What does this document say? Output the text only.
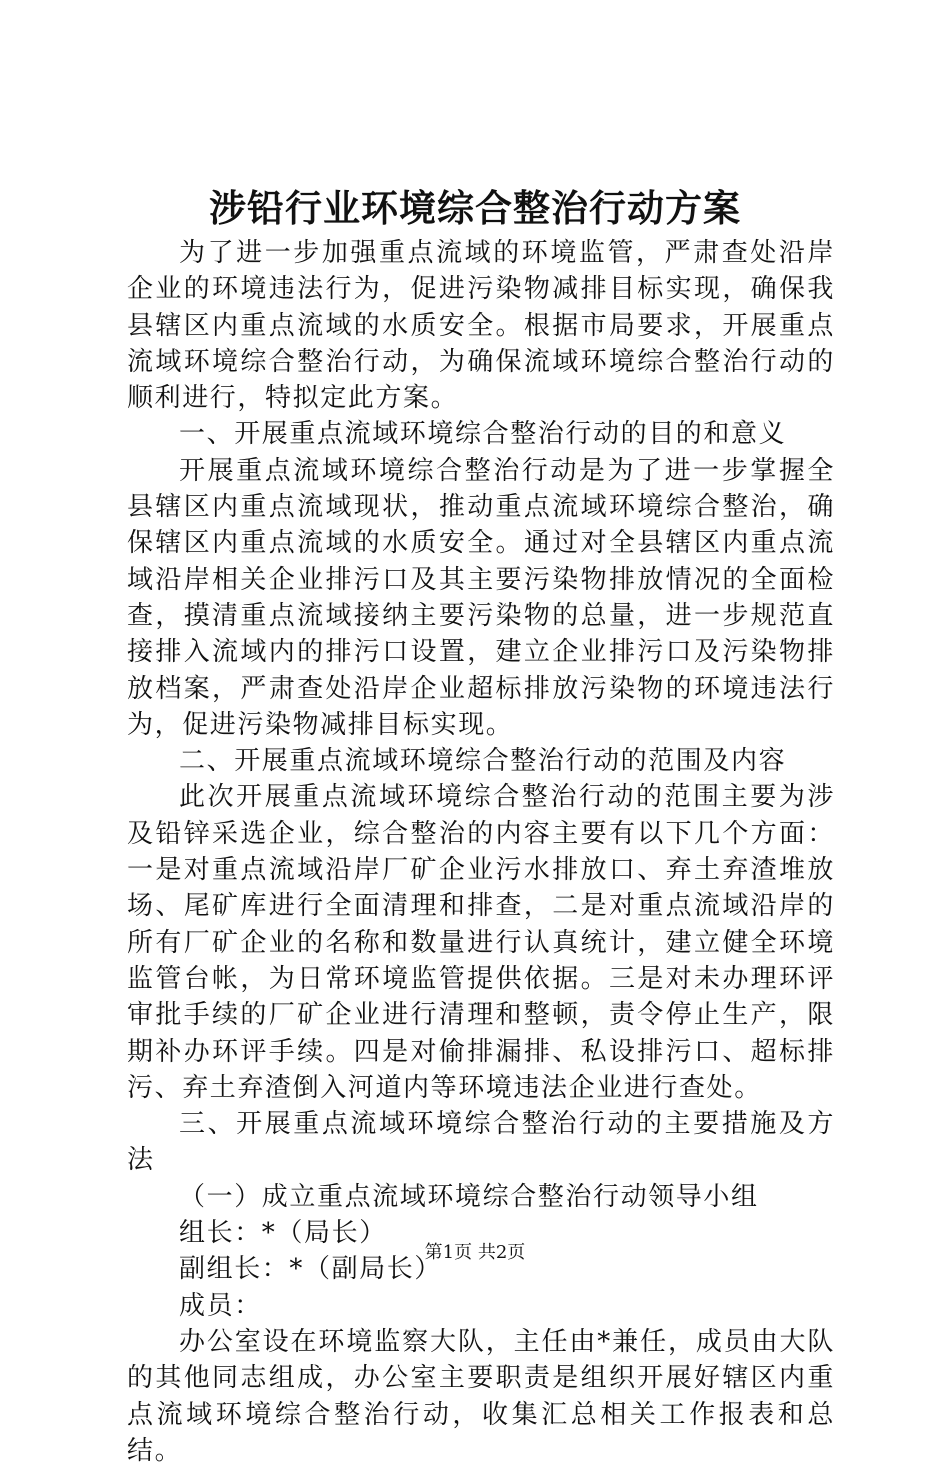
涉铅行业环境综合整治行动方案

为了进一步加强重点流域的环境监管，严肃查处沿岸企业的环境违法行为，促进污染物减排目标实现，确保我县辖区内重点流域的水质安全。根据市局要求，开展重点流域环境综合整治行动，为确保流域环境综合整治行动的顺利进行，特拟定此方案。

一、开展重点流域环境综合整治行动的目的和意义

开展重点流域环境综合整治行动是为了进一步掌握全县辖区内重点流域现状，推动重点流域环境综合整治，确保辖区内重点流域的水质安全。通过对全县辖区内重点流域沿岸相关企业排污口及其主要污染物排放情况的全面检查，摸清重点流域接纳主要污染物的总量，进一步规范直接排入流域内的排污口设置，建立企业排污口及污染物排放档案，严肃查处沿岸企业超标排放污染物的环境违法行为，促进污染物减排目标实现。

二、开展重点流域环境综合整治行动的范围及内容

此次开展重点流域环境综合整治行动的范围主要为涉及铅锌采选企业，综合整治的内容主要有以下几个方面：一是对重点流域沿岸厂矿企业污水排放口、弃土弃渣堆放场、尾矿库进行全面清理和排查，二是对重点流域沿岸的所有厂矿企业的名称和数量进行认真统计，建立健全环境监管台帐，为日常环境监管提供依据。三是对未办理环评审批手续的厂矿企业进行清理和整顿，责令停止生产，限期补办环评手续。四是对偷排漏排、私设排污口、超标排污、弃土弃渣倒入河道内等环境违法企业进行查处。

三、开展重点流域环境综合整治行动的主要措施及方法

（一）成立重点流域环境综合整治行动领导小组

组长：*（局长）

副组长：*（副局长）

成员：

办公室设在环境监察大队，主任由*兼任，成员由大队的其他同志组成，办公室主要职责是组织开展好辖区内重点流域环境综合整治行动，收集汇总相关工作报表和总结。

第1页 共2页
